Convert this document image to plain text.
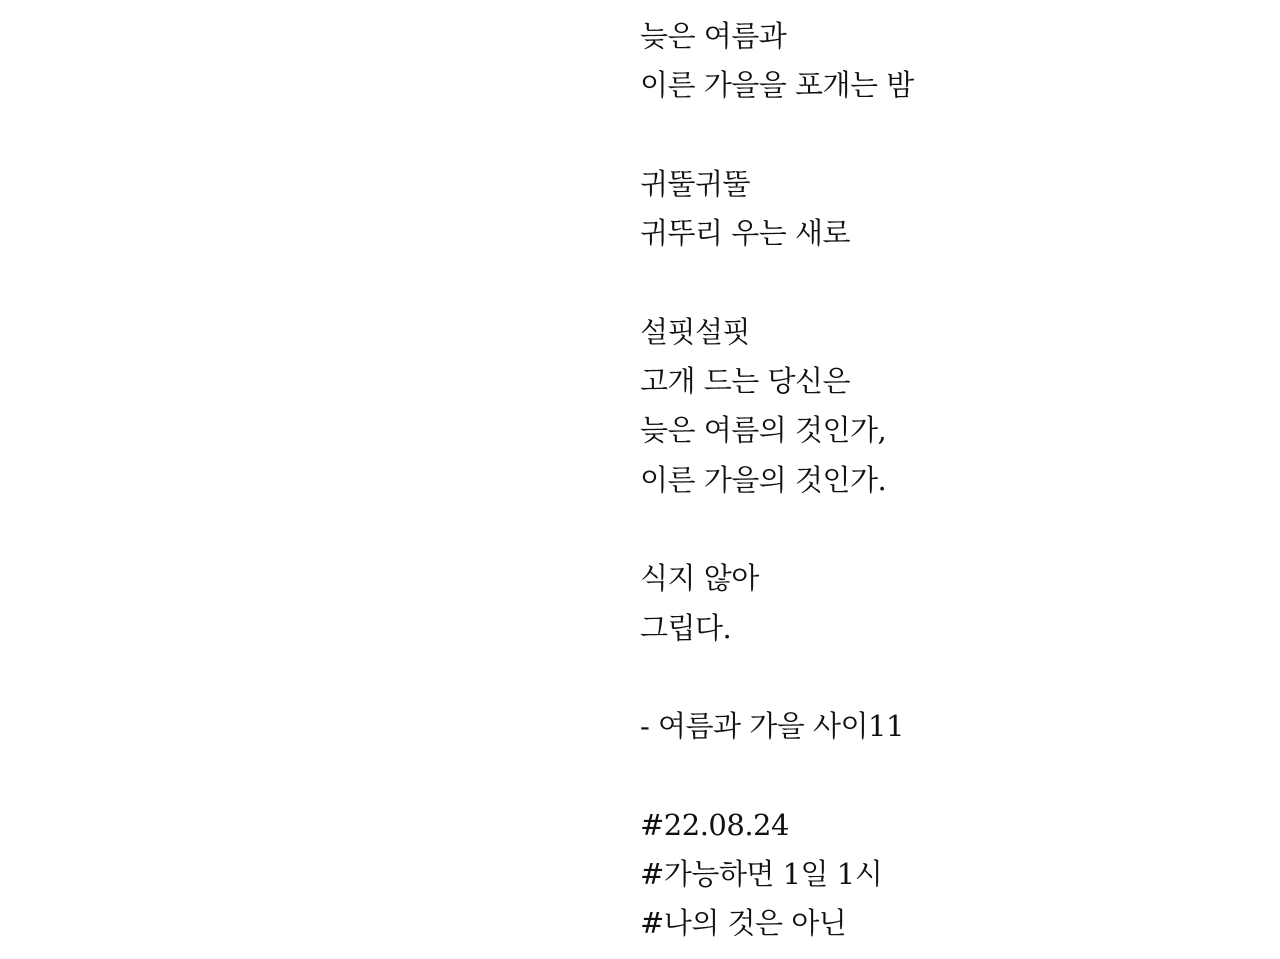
늦은 여름과
이른 가을을 포개는 밤
귀뚤귀뚤
귀뚜리 우는 새로
설핏설핏
고개 드는 당신은
늦은 여름의 것인가,
이른 가을의 것인가.
식지 않아
그립다.
- 여름과 가을 사이11
#22.08.24
#가능하면 1일 1시
#나의 것은 아닌
